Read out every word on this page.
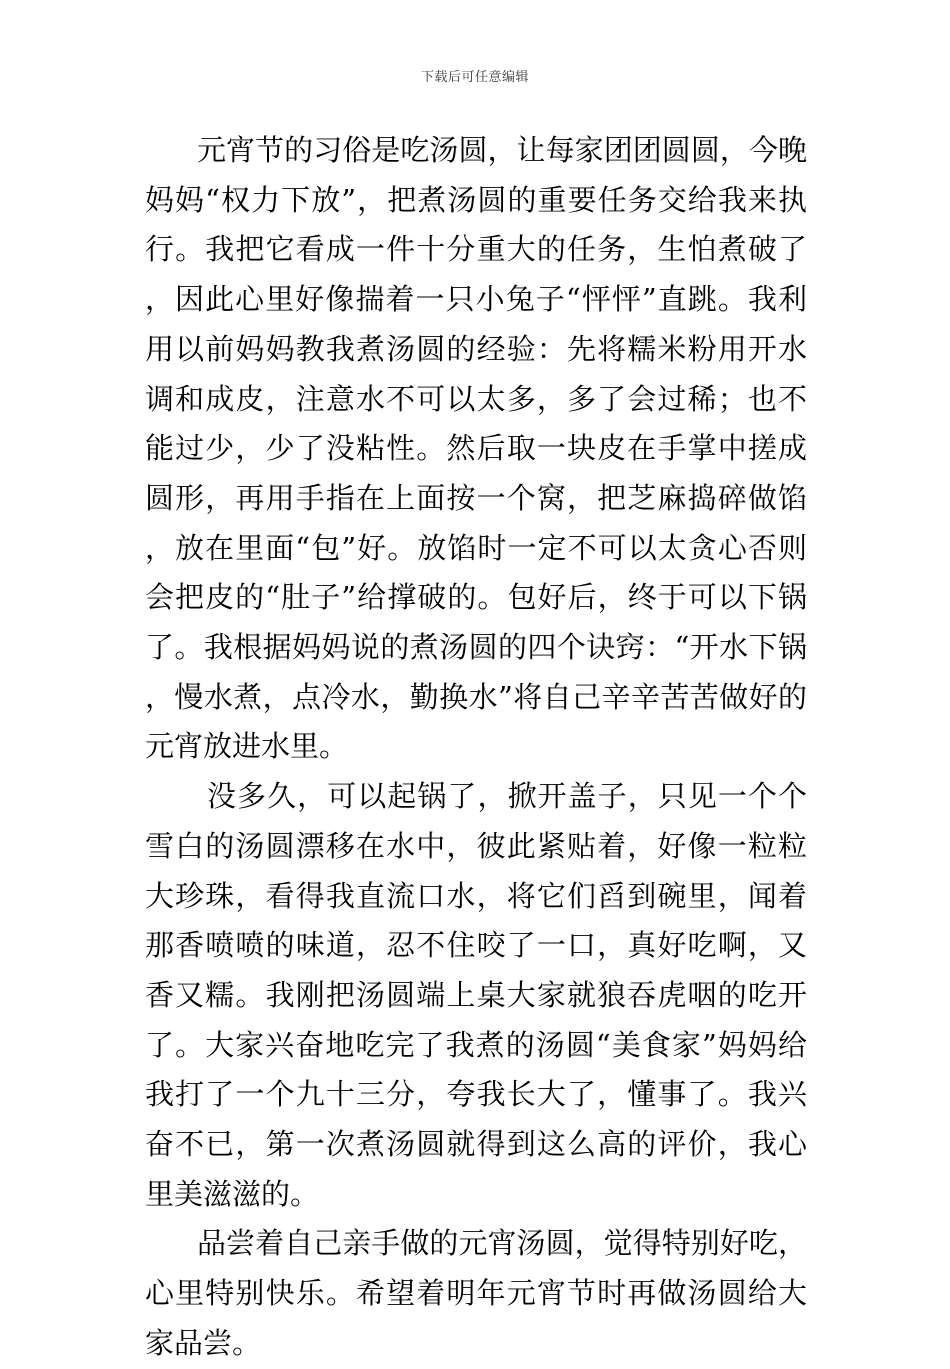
下载后可任意编辑

元宵节的习俗是吃汤圆，让每家团团圆圆，今晚妈妈“权力下放”，把煮汤圆的重要任务交给我来执行。我把它看成一件十分重大的任务，生怕煮破了，因此心里好像揣着一只小兔子“怦怦”直跳。我利用以前妈妈教我煮汤圆的经验：先将糯米粉用开水调和成皮，注意水不可以太多，多了会过稀；也不能过少，少了没粘性。然后取一块皮在手掌中搓成圆形，再用手指在上面按一个窝，把芝麻捣碎做馅，放在里面“包”好。放馅时一定不可以太贪心否则会把皮的“肚子”给撑破的。包好后，终于可以下锅了。我根据妈妈说的煮汤圆的四个诀窍：“开水下锅，慢水煮，点冷水，勤换水”将自己辛辛苦苦做好的元宵放进水里。

没多久，可以起锅了，掀开盖子，只见一个个雪白的汤圆漂移在水中，彼此紧贴着，好像一粒粒大珍珠，看得我直流口水，将它们舀到碗里，闻着那香喷喷的味道，忍不住咬了一口，真好吃啊，又香又糯。我刚把汤圆端上桌大家就狼吞虎咽的吃开了。大家兴奋地吃完了我煮的汤圆“美食家”妈妈给我打了一个九十三分，夸我长大了，懂事了。我兴奋不已，第一次煮汤圆就得到这么高的评价，我心里美滋滋的。

品尝着自己亲手做的元宵汤圆，觉得特别好吃，心里特别快乐。希望着明年元宵节时再做汤圆给大家品尝。
